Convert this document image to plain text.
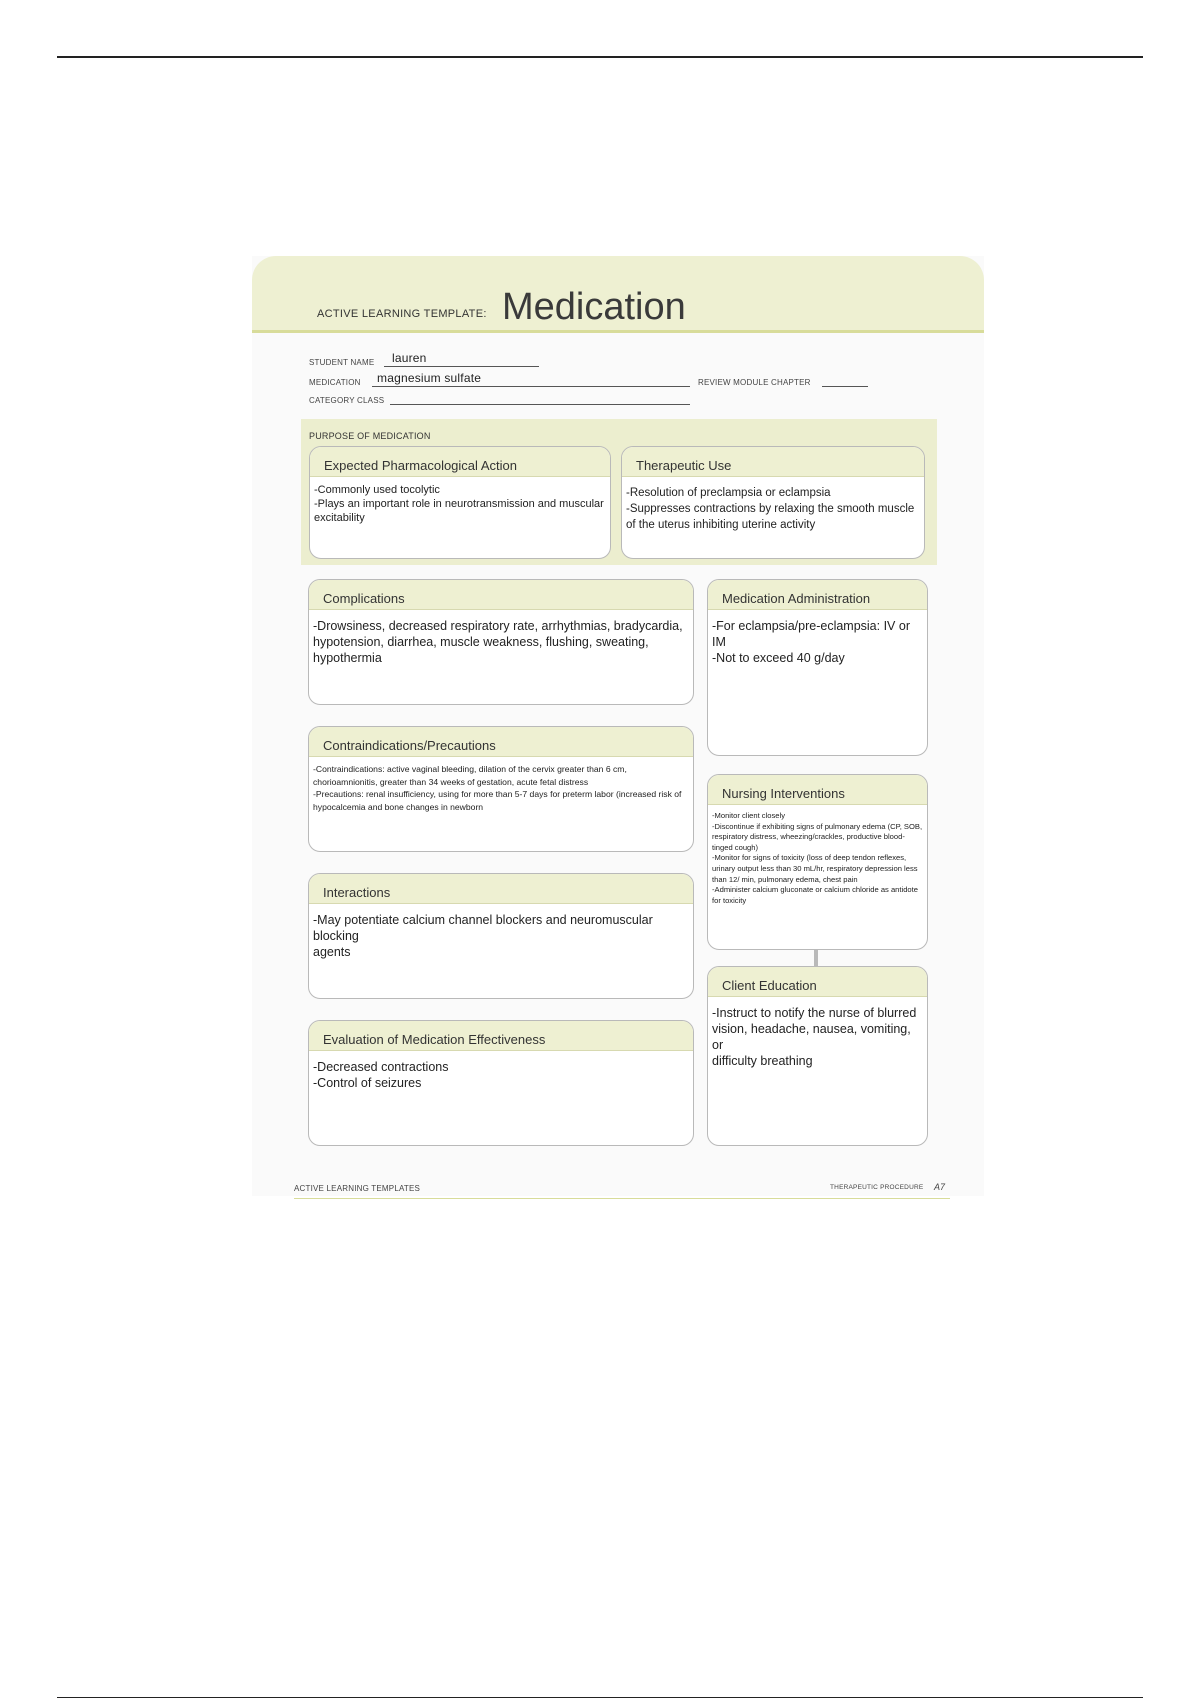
ACTIVE LEARNING TEMPLATE: Medication
STUDENT NAME lauren
MEDICATION magnesium sulfate	REVIEW MODULE CHAPTER
CATEGORY CLASS
PURPOSE OF MEDICATION
Expected Pharmacological Action
-Commonly used tocolytic
-Plays an important role in neurotransmission and muscular excitability
Therapeutic Use
-Resolution of preclampsia or eclampsia
-Suppresses contractions by relaxing the smooth muscle of the uterus inhibiting uterine activity
Complications
-Drowsiness, decreased respiratory rate, arrhythmias, bradycardia,
hypotension, diarrhea, muscle weakness, flushing, sweating, hypothermia
Contraindications/Precautions
-Contraindications: active vaginal bleeding, dilation of the cervix greater than 6 cm, chorioamnionitis, greater than 34 weeks of gestation, acute fetal distress
-Precautions: renal insufficiency, using for more than 5-7 days for preterm labor (increased risk of hypocalcemia and bone changes in newborn
Interactions
-May potentiate calcium channel blockers and neuromuscular blocking
agents
Evaluation of Medication Effectiveness
-Decreased contractions
-Control of seizures
Medication Administration
-For eclampsia/pre-eclampsia: IV or IM
-Not to exceed 40 g/day
Nursing Interventions
-Monitor client closely
-Discontinue if exhibiting signs of pulmonary edema (CP, SOB, respiratory distress, wheezing/crackles, productive blood-tinged cough)
-Monitor for signs of toxicity (loss of deep tendon reflexes, urinary output less than 30 mL/hr, respiratory depression less than 12/ min, pulmonary edema, chest pain
-Administer calcium gluconate or calcium chloride as antidote for toxicity
Client Education
-Instruct to notify the nurse of blurred
vision, headache, nausea, vomiting, or
difficulty breathing
ACTIVE LEARNING TEMPLATES	THERAPEUTIC PROCEDURE A7
